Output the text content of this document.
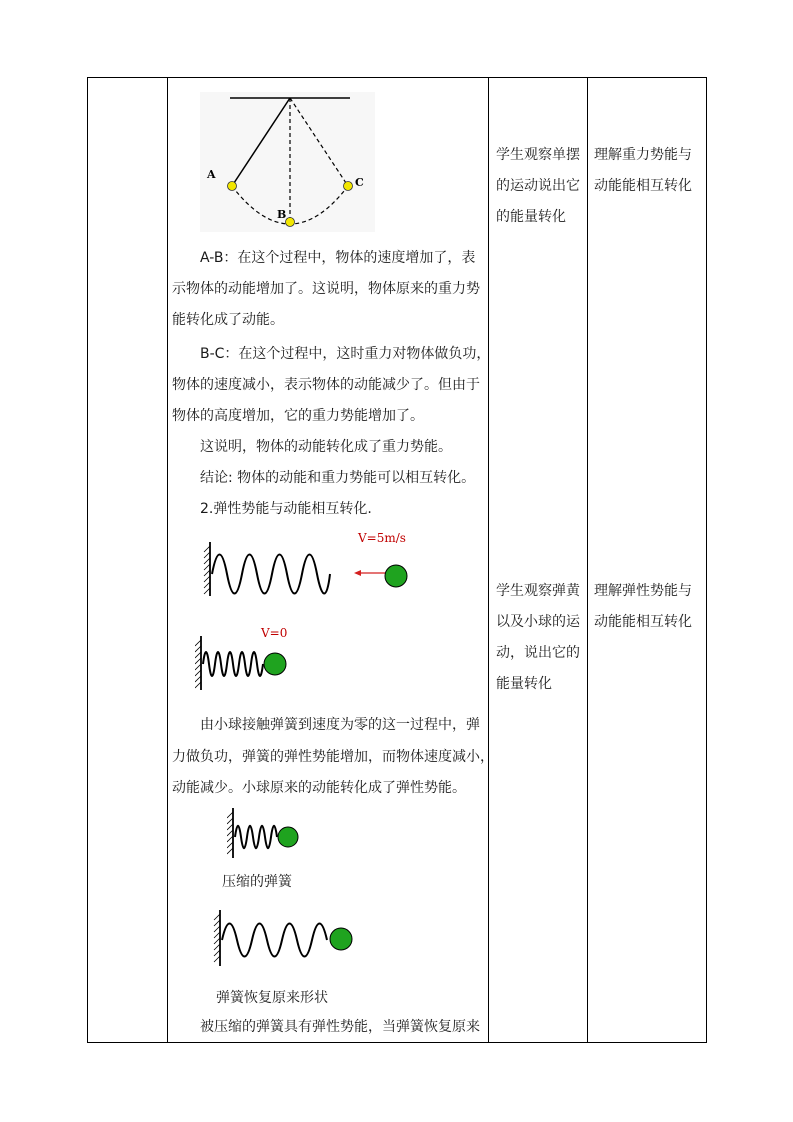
A
B
C
A-B：在这个过程中，物体的速度增加了，表
示物体的动能增加了。这说明，物体原来的重力势
能转化成了动能。
B-C：在这个过程中，这时重力对物体做负功，
物体的速度减小，表示物体的动能减少了。但由于
物体的高度增加，它的重力势能增加了。
这说明，物体的动能转化成了重力势能。
结论: 物体的动能和重力势能可以相互转化。
2.弹性势能与动能相互转化.
V=5m/s
V=0
由小球接触弹簧到速度为零的这一过程中，弹
力做负功，弹簧的弹性势能增加，而物体速度减小，
动能减少。小球原来的动能转化成了弹性势能。
压缩的弹簧
弹簧恢复原来形状
被压缩的弹簧具有弹性势能，当弹簧恢复原来
学生观察单摆
的运动说出它
的能量转化
学生观察弹黄
以及小球的运
动，说出它的
能量转化
理解重力势能与
动能能相互转化
理解弹性势能与
动能能相互转化
